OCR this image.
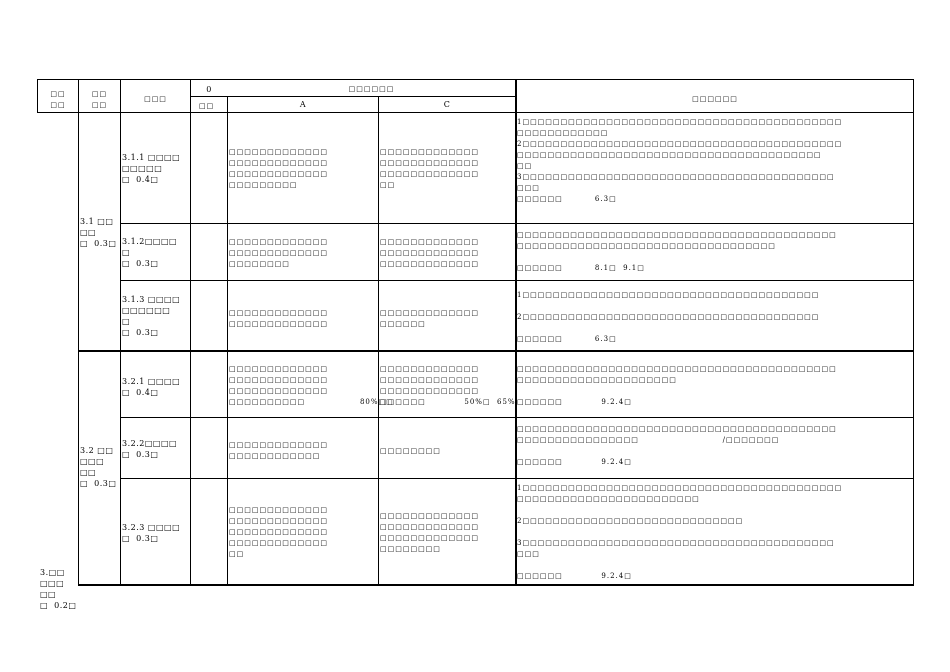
□□
□□
□□
□□
□□□
0
□□
□□□□□□
A	C
□□□□□□
3.□□
□□□
□□
□  0.2□
3.1 □□
□□
□  0.3□
3.2 □□
□□□
□□
□  0.3□
3.1.1 □□□□
□□□□□
□  0.4□
□□□□□□□□□□□□□
□□□□□□□□□□□□□
□□□□□□□□□□□□□
□□□□□□□□□
□□□□□□□□□□□□□
□□□□□□□□□□□□□
□□□□□□□□□□□□□
□□
1□□□□□□□□□□□□□□□□□□□□□□□□□□□□□□□□□□□□□□□□□□
□□□□□□□□□□□□
2□□□□□□□□□□□□□□□□□□□□□□□□□□□□□□□□□□□□□□□□□□
□□□□□□□□□□□□□□□□□□□□□□□□□□□□□□□□□□□□□□□□
□□
3□□□□□□□□□□□□□□□□□□□□□□□□□□□□□□□□□□□□□□□□□
□□□
□□□□□□          6.3□
3.1.2□□□□
□
□  0.3□
□□□□□□□□□□□□□
□□□□□□□□□□□□□
□□□□□□□□
□□□□□□□□□□□□□
□□□□□□□□□□□□□
□□□□□□□□□□□□□
□□□□□□□□□□□□□□□□□□□□□□□□□□□□□□□□□□□□□□□□□□
□□□□□□□□□□□□□□□□□□□□□□□□□□□□□□□□□□

□□□□□□          8.1□  9.1□
3.1.3 □□□□
□□□□□□
□
□  0.3□
□□□□□□□□□□□□□
□□□□□□□□□□□□□
□□□□□□□□□□□□□
□□□□□□
1□□□□□□□□□□□□□□□□□□□□□□□□□□□□□□□□□□□□□□□

2□□□□□□□□□□□□□□□□□□□□□□□□□□□□□□□□□□□□□□□

□□□□□□          6.3□
3.2.1 □□□□
□  0.4□
□□□□□□□□□□□□□
□□□□□□□□□□□□□
□□□□□□□□□□□□□
□□□□□□□□□□                 80%□□
□□□□□□□□□□□□□
□□□□□□□□□□□□□
□□□□□□□□□□□□□
□□□□□□            50%□  65%
□□□□□□□□□□□□□□□□□□□□□□□□□□□□□□□□□□□□□□□□□□
□□□□□□□□□□□□□□□□□□□□□

□□□□□□            9.2.4□
3.2.2□□□□
□  0.3□
□□□□□□□□□□□□□
□□□□□□□□□□□□
□□□□□□□□
□□□□□□□□□□□□□□□□□□□□□□□□□□□□□□□□□□□□□□□□□□
□□□□□□□□□□□□□□□□                          /□□□□□□□

□□□□□□            9.2.4□
3.2.3 □□□□
□  0.3□
□□□□□□□□□□□□□
□□□□□□□□□□□□□
□□□□□□□□□□□□□
□□□□□□□□□□□□□
□□
□□□□□□□□□□□□□
□□□□□□□□□□□□□
□□□□□□□□□□□□□
□□□□□□□□
1□□□□□□□□□□□□□□□□□□□□□□□□□□□□□□□□□□□□□□□□□□
□□□□□□□□□□□□□□□□□□□□□□□□

2□□□□□□□□□□□□□□□□□□□□□□□□□□□□□

3□□□□□□□□□□□□□□□□□□□□□□□□□□□□□□□□□□□□□□□□□
□□□

□□□□□□            9.2.4□
